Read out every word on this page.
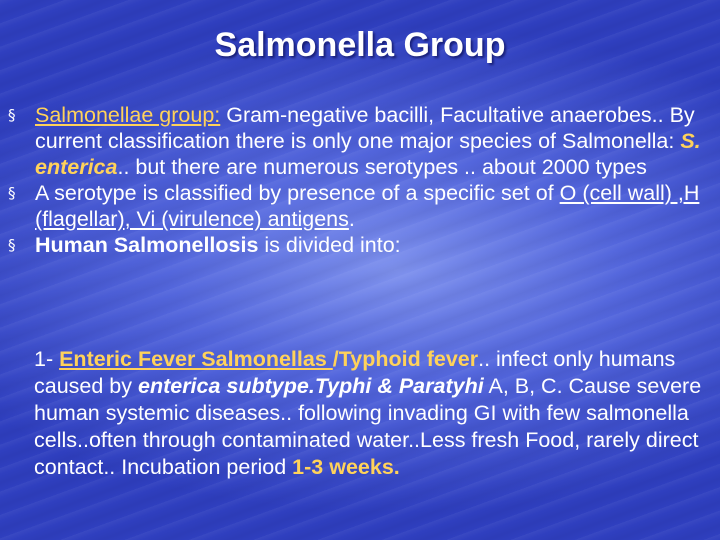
Salmonella Group
§ Salmonellae group: Gram-negative bacilli, Facultative anaerobes.. By current classification there is only one major species of Salmonella: S. enterica.. but there are numerous serotypes .. about 2000 types
§ A serotype is classified by presence of a specific set of O (cell wall) ,H (flagellar), Vi (virulence) antigens.
§ Human Salmonellosis is divided into:

1- Enteric Fever Salmonellas /Typhoid fever.. infect only humans caused by enterica subtype.Typhi & Paratyhi A, B, C. Cause severe human systemic diseases.. following invading GI with few salmonella cells..often through contaminated water..Less fresh Food, rarely direct contact.. Incubation period 1-3 weeks.
